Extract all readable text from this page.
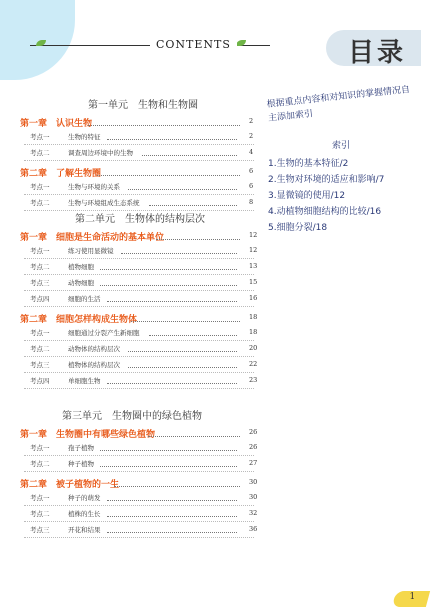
CONTENTS	目录
第一单元　生物和生物圈
第一章　认识生物	2
考点一	生物的特征	2
考点二	调查周边环境中的生物	4
第二章　了解生物圈	6
考点一	生物与环境的关系	6
考点二	生物与环境组成生态系统	8
第二单元　生物体的结构层次
第一章　细胞是生命活动的基本单位	12
考点一	练习使用显微镜	12
考点二	植物细胞	13
考点三	动物细胞	15
考点四	细胞的生活	16
第二章　细胞怎样构成生物体	18
考点一	细胞通过分裂产生新细胞	18
考点二	动物体的结构层次	20
考点三	植物体的结构层次	22
考点四	单细胞生物	23
第三单元　生物圈中的绿色植物
第一章　生物圈中有哪些绿色植物	26
考点一	孢子植物	26
考点二	种子植物	27
第二章　被子植物的一生	30
考点一	种子的萌发	30
考点二	植株的生长	32
考点三	开花和结果	36
根据重点内容和对知识的掌握情况自主添加索引
索引
1.生物的基本特征/2
2.生物对环境的适应和影响/7
3.显微镜的使用/12
4.动植物细胞结构的比较/16
5.细胞分裂/18
1
